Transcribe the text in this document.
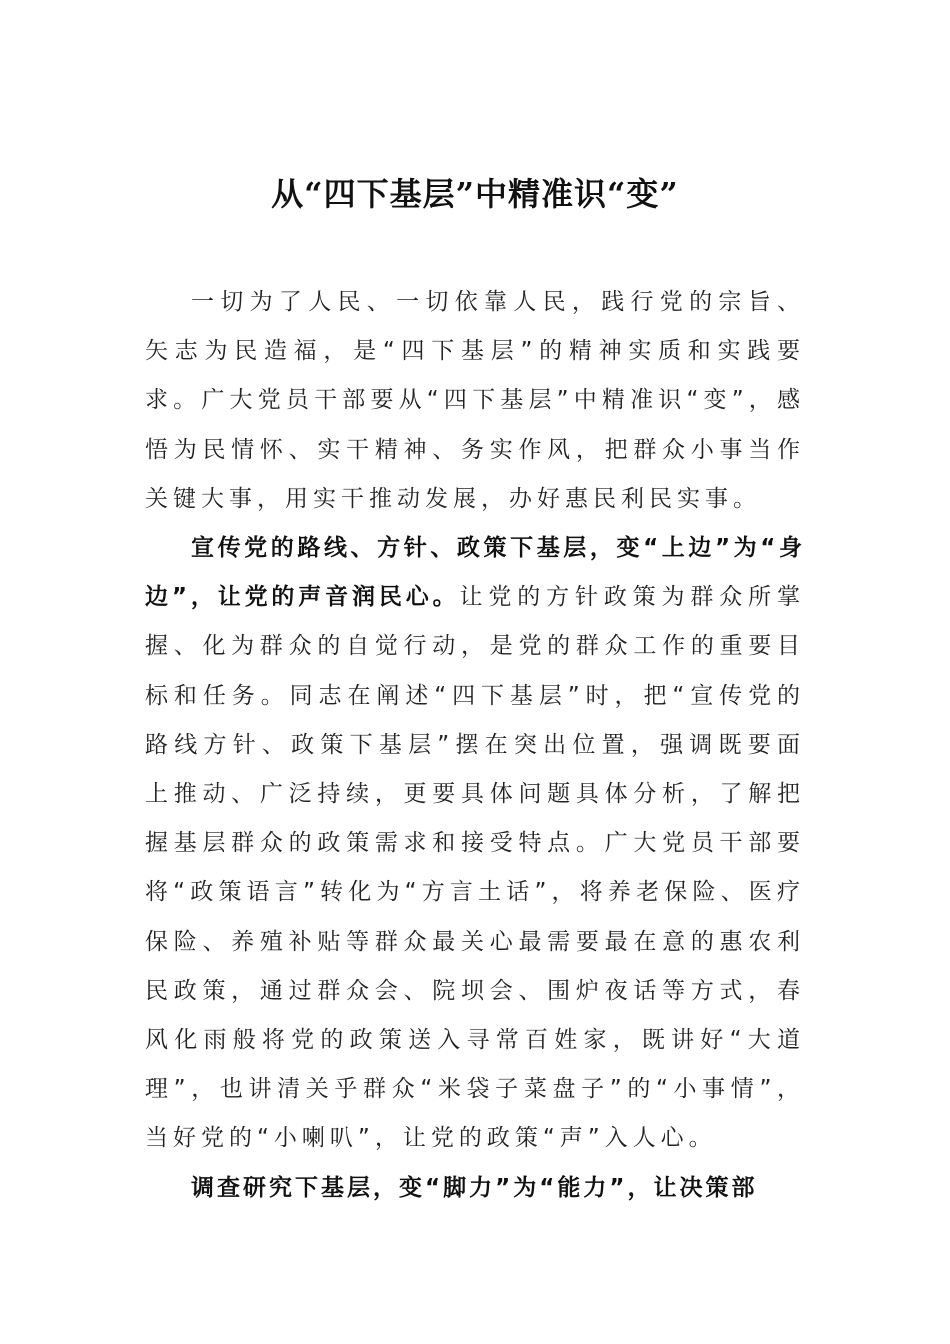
从“四下基层”中精准识“变”

一切为了人民、一切依靠人民，践行党的宗旨、矢志为民造福，是“四下基层”的精神实质和实践要求。广大党员干部要从“四下基层”中精准识“变”，感悟为民情怀、实干精神、务实作风，把群众小事当作关键大事，用实干推动发展，办好惠民利民实事。

宣传党的路线、方针、政策下基层，变“上边”为“身边”，让党的声音润民心。让党的方针政策为群众所掌握、化为群众的自觉行动，是党的群众工作的重要目标和任务。同志在阐述“四下基层”时，把“宣传党的路线方针、政策下基层”摆在突出位置，强调既要面上推动、广泛持续，更要具体问题具体分析，了解把握基层群众的政策需求和接受特点。广大党员干部要将“政策语言”转化为“方言土话”，将养老保险、医疗保险、养殖补贴等群众最关心最需要最在意的惠农利民政策，通过群众会、院坝会、围炉夜话等方式，春风化雨般将党的政策送入寻常百姓家，既讲好“大道理”，也讲清关乎群众“米袋子菜盘子”的“小事情”，当好党的“小喇叭”，让党的政策“声”入人心。

调查研究下基层，变“脚力”为“能力”，让决策部
